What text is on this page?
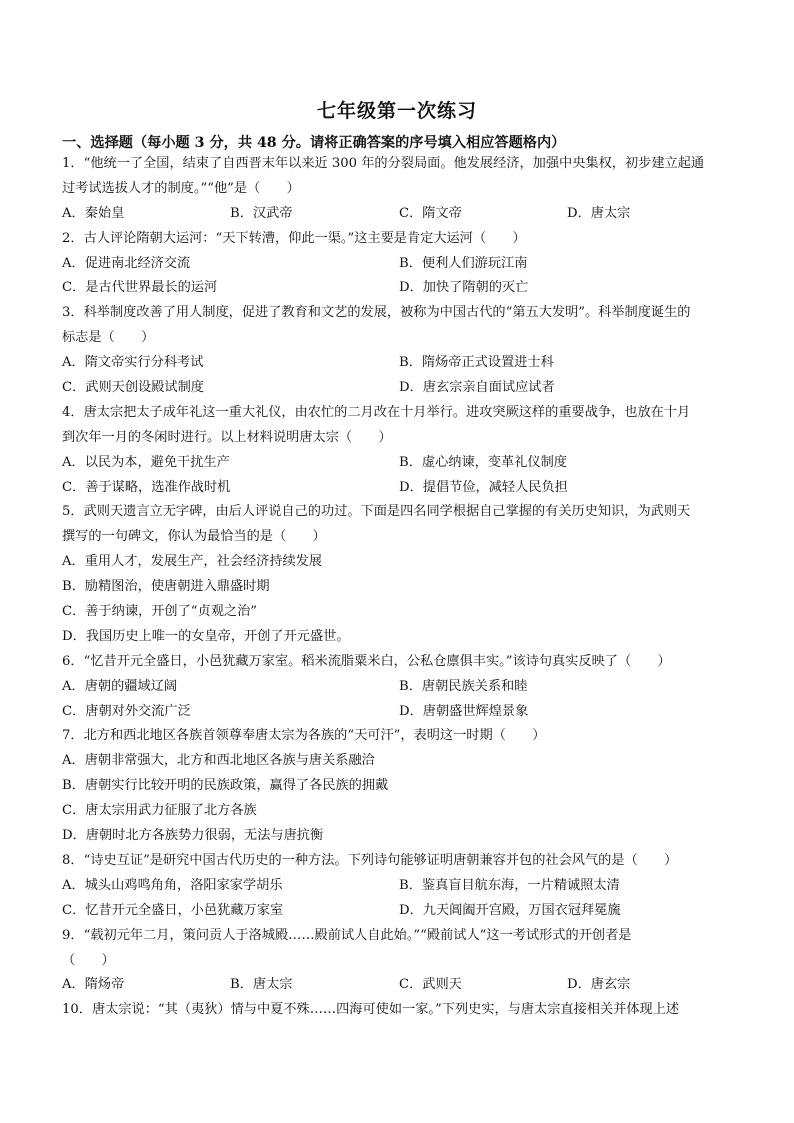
七年级第一次练习
一、选择题（每小题 3 分，共 48 分。请将正确答案的序号填入相应答题格内）
1．“他统一了全国，结束了自西晋末年以来近 300 年的分裂局面。他发展经济，加强中央集权，初步建立起通
过考试选拔人才的制度。”“他”是（　　）
A．秦始皇	B．汉武帝	C．隋文帝	D．唐太宗
2．古人评论隋朝大运河：“天下转漕，仰此一渠。”这主要是肯定大运河（　　）
A．促进南北经济交流	B．便利人们游玩江南
C．是古代世界最长的运河	D．加快了隋朝的灭亡
3．科举制度改善了用人制度，促进了教育和文艺的发展，被称为中国古代的“第五大发明”。科举制度诞生的
标志是（　　）
A．隋文帝实行分科考试	B．隋炀帝正式设置进士科
C．武则天创设殿试制度	D．唐玄宗亲自面试应试者
4．唐太宗把太子成年礼这一重大礼仪，由农忙的二月改在十月举行。进攻突厥这样的重要战争，也放在十月
到次年一月的冬闲时进行。以上材料说明唐太宗（　　）
A．以民为本，避免干扰生产	B．虚心纳谏，变革礼仪制度
C．善于谋略，选准作战时机	D．提倡节俭，减轻人民负担
5．武则天遗言立无字碑，由后人评说自己的功过。下面是四名同学根据自己掌握的有关历史知识，为武则天
撰写的一句碑文，你认为最恰当的是（　　）
A．重用人才，发展生产，社会经济持续发展
B．励精图治，使唐朝进入鼎盛时期
C．善于纳谏，开创了“贞观之治”
D．我国历史上唯一的女皇帝，开创了开元盛世。
6．“忆昔开元全盛日，小邑犹藏万家室。稻米流脂粟米白，公私仓廪俱丰实。”该诗句真实反映了（　　）
A．唐朝的疆域辽阔	B．唐朝民族关系和睦
C．唐朝对外交流广泛	D．唐朝盛世辉煌景象
7．北方和西北地区各族首领尊奉唐太宗为各族的“天可汗”，表明这一时期（　　）
A．唐朝非常强大，北方和西北地区各族与唐关系融洽
B．唐朝实行比较开明的民族政策，赢得了各民族的拥戴
C．唐太宗用武力征服了北方各族
D．唐朝时北方各族势力很弱，无法与唐抗衡
8．“诗史互证”是研究中国古代历史的一种方法。下列诗句能够证明唐朝兼容并包的社会风气的是（　　）
A．城头山鸡鸣角角，洛阳家家学胡乐	B．鉴真盲目航东海，一片精诚照太清
C．忆昔开元全盛日，小邑犹藏万家室	D．九天阊阖开宫殿，万国衣冠拜冕旒
9．“载初元年二月，策问贡人于洛城殿……殿前试人自此始。”“殿前试人”这一考试形式的开创者是
（　　）
A．隋炀帝	B．唐太宗	C．武则天	D．唐玄宗
10．唐太宗说：“其（夷狄）情与中夏不殊……四海可使如一家。”下列史实，与唐太宗直接相关并体现上述
